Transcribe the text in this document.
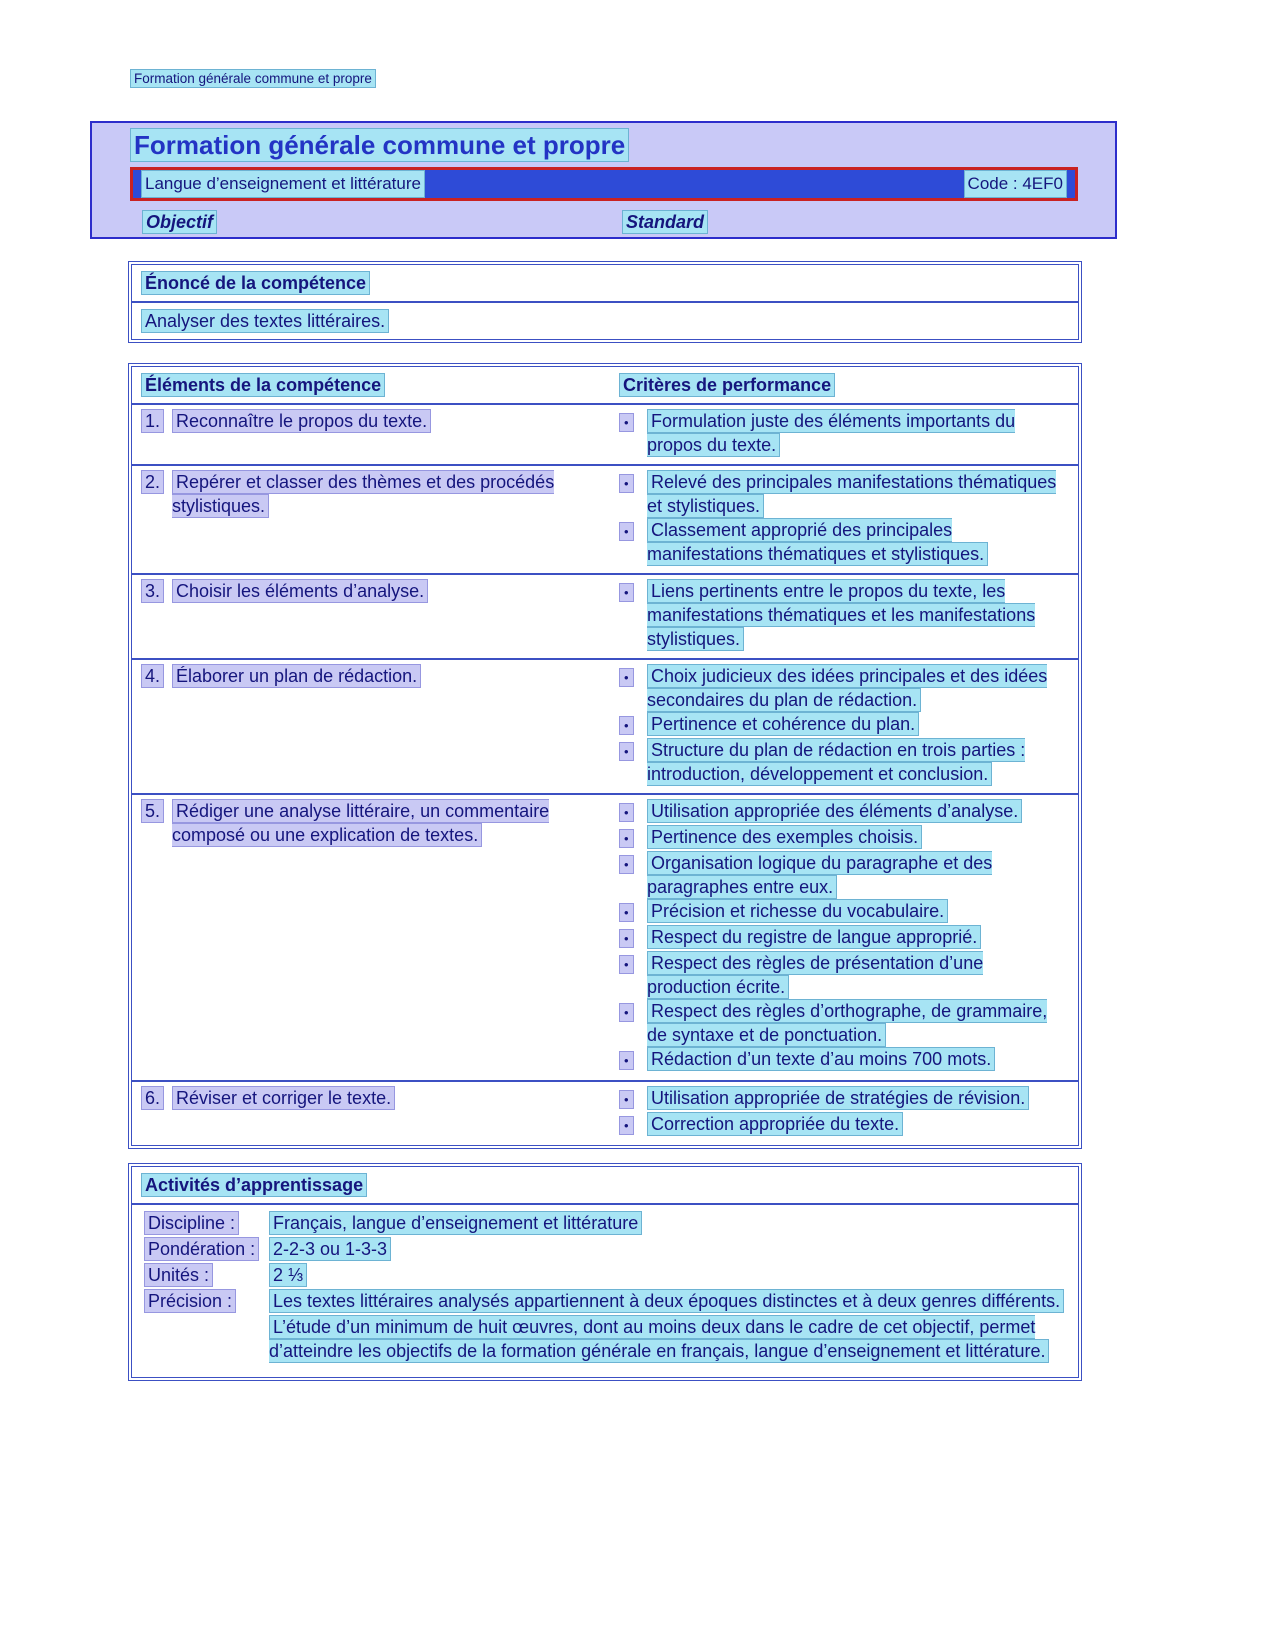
Formation générale commune et propre
Formation générale commune et propre
Langue d’enseignement et littérature	Code : 4EF0
Objectif	Standard
Énoncé de la compétence
Analyser des textes littéraires.
Éléments de la compétence	Critères de performance
1. Reconnaître le propos du texte.	•	Formulation juste des éléments importants du propos du texte.
2. Repérer et classer des thèmes et des procédés stylistiques.
•	Relevé des principales manifestations thématiques et stylistiques.
•	Classement approprié des principales manifestations thématiques et stylistiques.
3. Choisir les éléments d’analyse.	•	Liens pertinents entre le propos du texte, les manifestations thématiques et les manifestations stylistiques.
4. Élaborer un plan de rédaction.	•	Choix judicieux des idées principales et des idées secondaires du plan de rédaction.
•	Pertinence et cohérence du plan.
•	Structure du plan de rédaction en trois parties : introduction, développement et conclusion.
5. Rédiger une analyse littéraire, un commentaire composé ou une explication de textes.
•	Utilisation appropriée des éléments d’analyse.
•	Pertinence des exemples choisis.
•	Organisation logique du paragraphe et des paragraphes entre eux.
•	Précision et richesse du vocabulaire.
•	Respect du registre de langue approprié.
•	Respect des règles de présentation d’une production écrite.
•	Respect des règles d’orthographe, de grammaire, de syntaxe et de ponctuation.
•	Rédaction d’un texte d’au moins 700 mots.
6. Réviser et corriger le texte.	•	Utilisation appropriée de stratégies de révision.
•	Correction appropriée du texte.
Activités d’apprentissage
Discipline :	Français, langue d’enseignement et littérature
Pondération : 2-2-3 ou 1-3-3
Unités :	2 ⅓
Précision :	Les textes littéraires analysés appartiennent à deux époques distinctes et à deux genres différents.
L’étude d’un minimum de huit œuvres, dont au moins deux dans le cadre de cet objectif, permet d’atteindre les objectifs de la formation générale en français, langue d’enseignement et littérature.
